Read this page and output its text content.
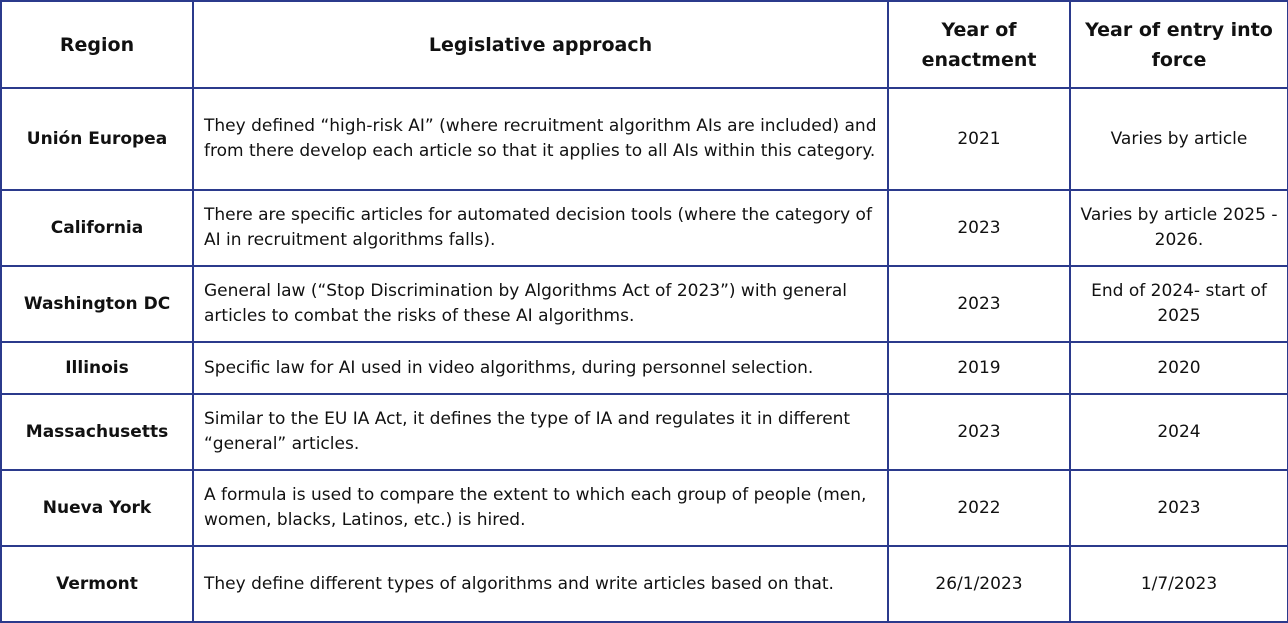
Region	Legislative approach	Year of enactment	Year of entry into force
Unión Europea	They defined “high-risk AI” (where recruitment algorithm AIs are included) and from there develop each article so that it applies to all AIs within this category.	2021	Varies by article
California	There are specific articles for automated decision tools (where the category of AI in recruitment algorithms falls).	2023	Varies by article 2025 - 2026.
Washington DC	General law (“Stop Discrimination by Algorithms Act of 2023”) with general articles to combat the risks of these AI algorithms.	2023	End of 2024- start of 2025
Illinois	Specific law for AI used in video algorithms, during personnel selection.	2019	2020
Massachusetts	Similar to the EU IA Act, it defines the type of IA and regulates it in different “general” articles.	2023	2024
Nueva York	A formula is used to compare the extent to which each group of people (men, women, blacks, Latinos, etc.) is hired.	2022	2023
Vermont	They define different types of algorithms and write articles based on that.	26/1/2023	1/7/2023
